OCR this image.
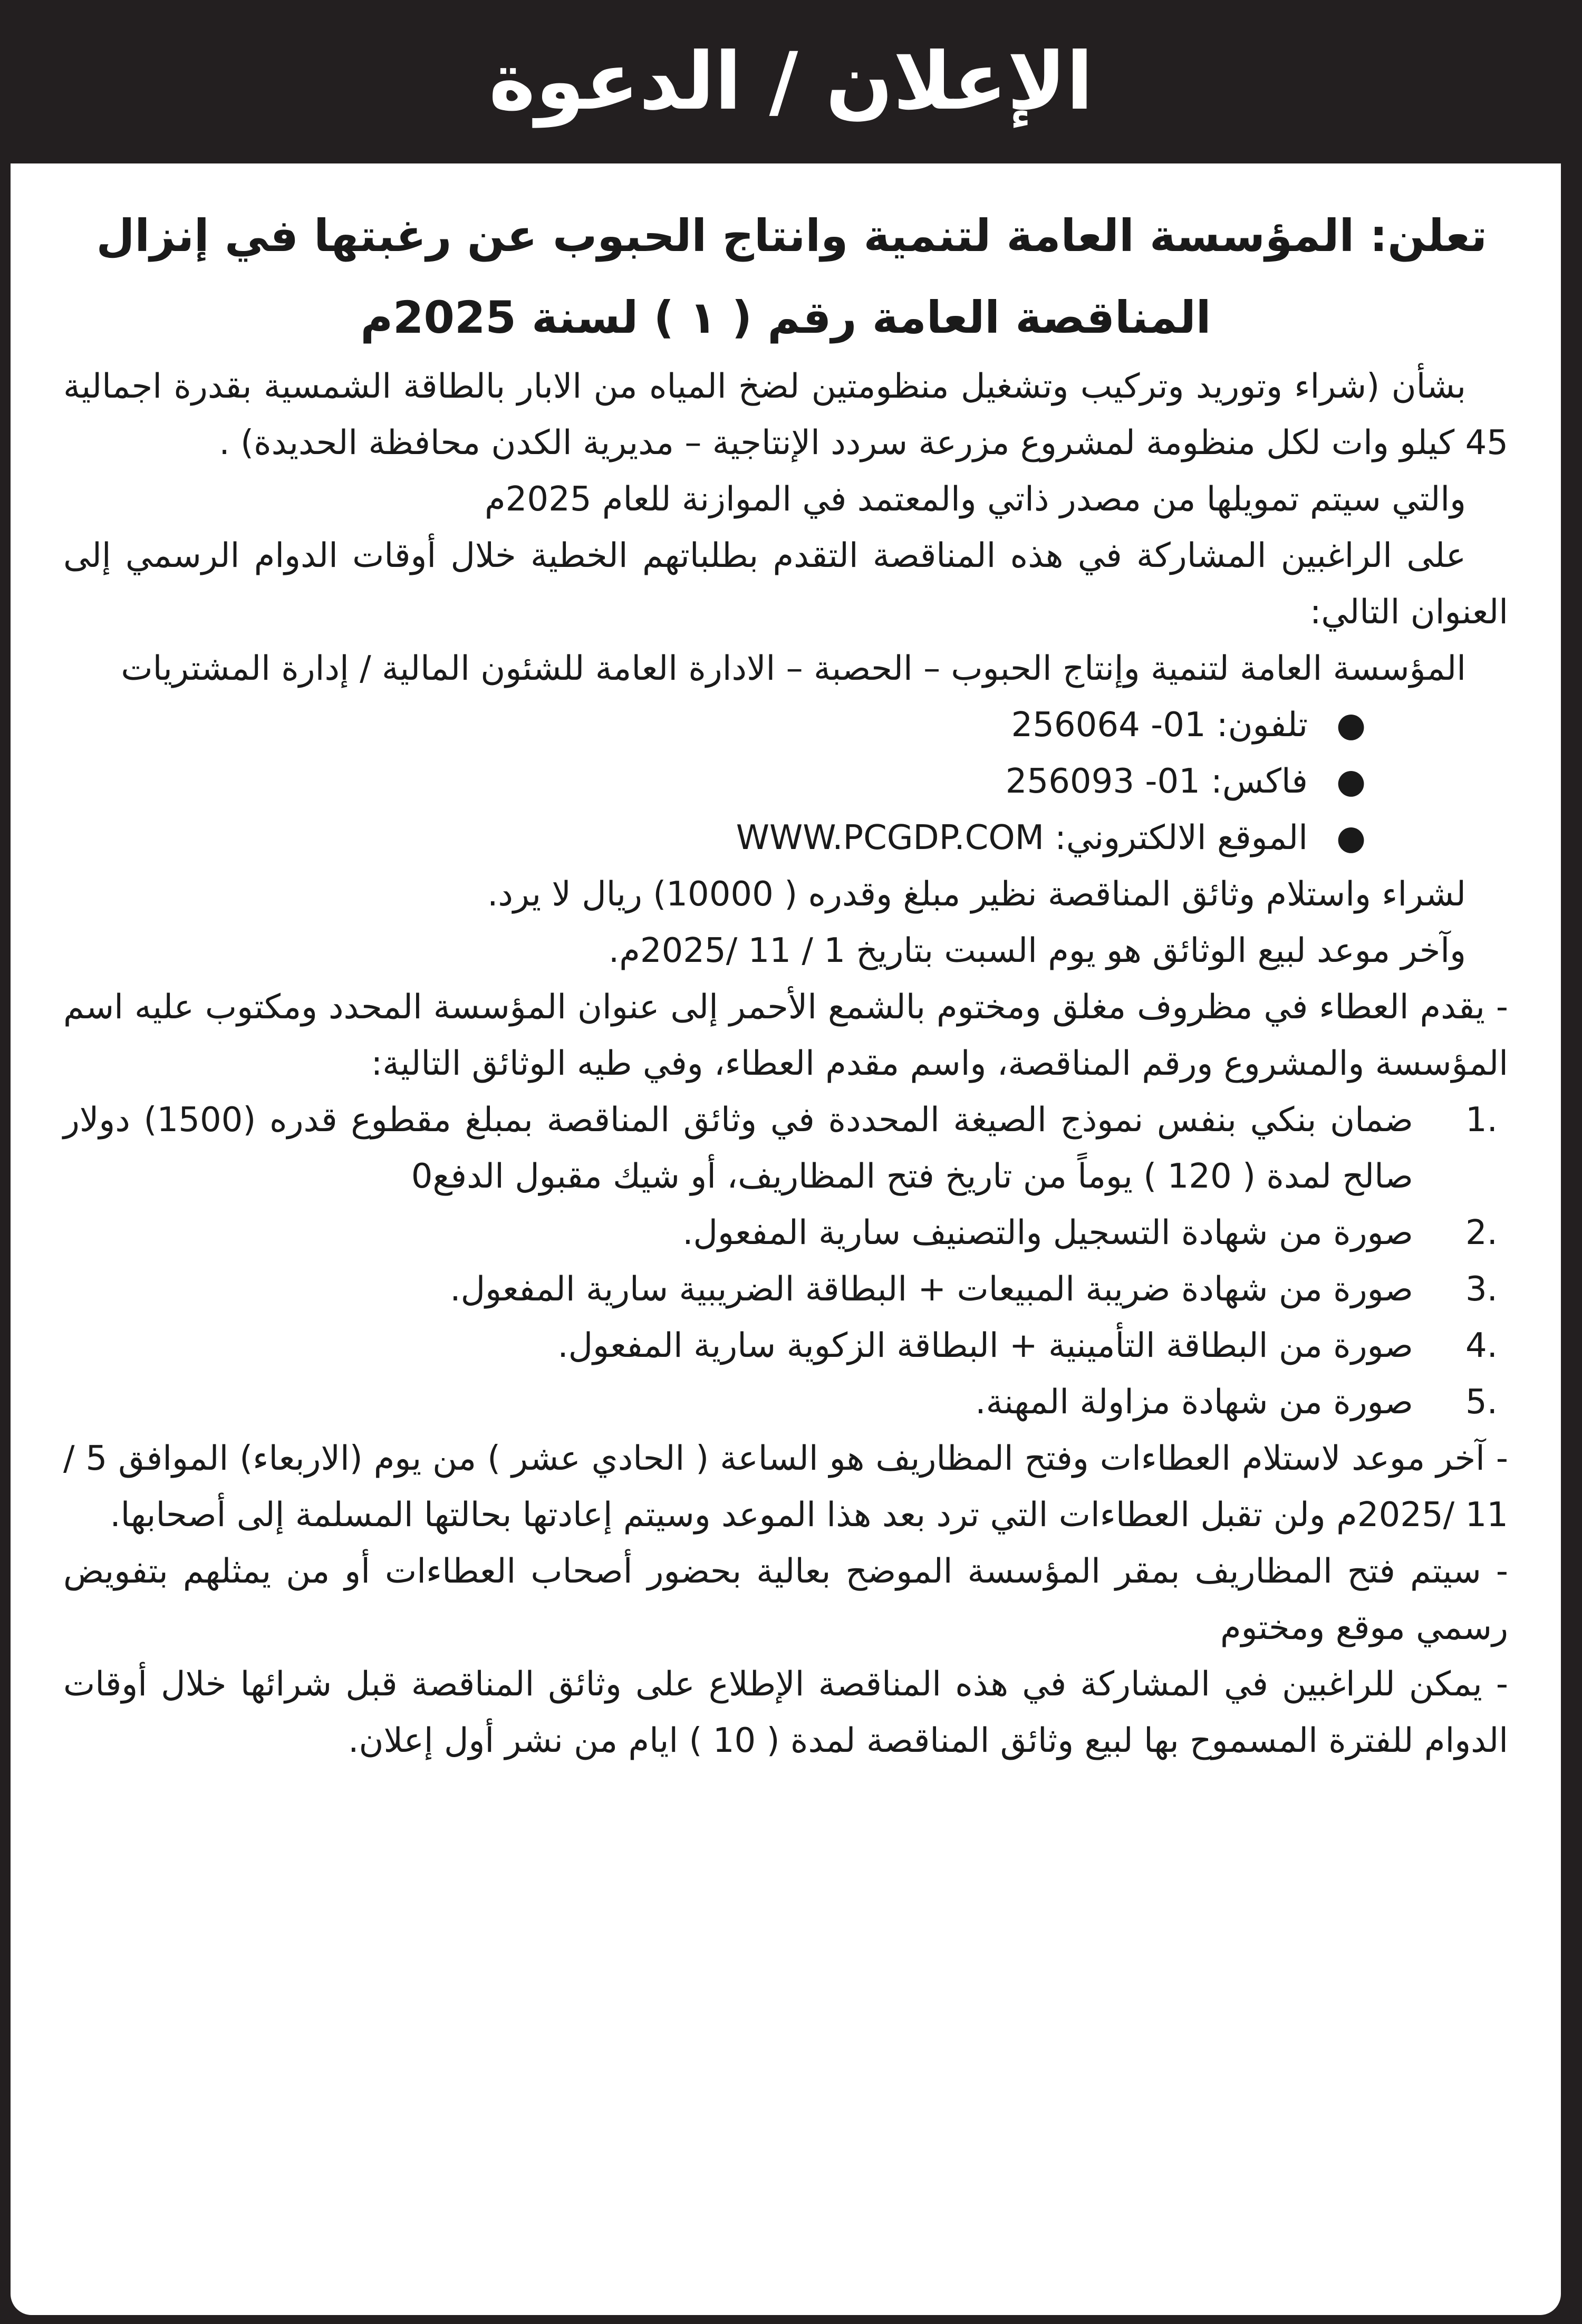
الإعلان / الدعوة
تعلن: المؤسسة العامة لتنمية وانتاج الحبوب عن رغبتها في إنزال
المناقصة العامة رقم ( ١ ) لسنة 2025م

بشأن (شراء وتوريد وتركيب وتشغيل منظومتين لضخ المياه من الابار بالطاقة الشمسية بقدرة اجمالية 45 كيلو وات لكل منظومة لمشروع مزرعة سردد الإنتاجية – مديرية الكدن محافظة الحديدة) .

والتي سيتم تمويلها من مصدر ذاتي والمعتمد في الموازنة للعام 2025م

على الراغبين المشاركة في هذه المناقصة التقدم بطلباتهم الخطية خلال أوقات الدوام الرسمي إلى العنوان التالي:

المؤسسة العامة لتنمية وإنتاج الحبوب – الحصبة – الادارة العامة للشئون المالية / إدارة المشتريات

●
تلفون: 256064 -01
●
فاكس: 256093 -01
●
الموقع الالكتروني: WWW.PCGDP.COM

لشراء واستلام وثائق المناقصة نظير مبلغ وقدره ( 10000) ريال لا يرد.

وآخر موعد لبيع الوثائق هو يوم السبت بتاريخ 1 / 11 /2025م.

- يقدم العطاء في مظروف مغلق ومختوم بالشمع الأحمر إلى عنوان المؤسسة المحدد ومكتوب عليه اسم المؤسسة والمشروع ورقم المناقصة، واسم مقدم العطاء، وفي طيه الوثائق التالية:

1.
ضمان بنكي بنفس نموذج الصيغة المحددة في وثائق المناقصة بمبلغ مقطوع قدره (1500) دولار صالح لمدة ( 120 ) يوماً من تاريخ فتح المظاريف، أو شيك مقبول الدفع0
2.
صورة من شهادة التسجيل والتصنيف سارية المفعول.
3.
صورة من شهادة ضريبة المبيعات + البطاقة الضريبية سارية المفعول.
4.
صورة من البطاقة التأمينية + البطاقة الزكوية سارية المفعول.
5.
صورة من شهادة مزاولة المهنة.

- آخر موعد لاستلام العطاءات وفتح المظاريف هو الساعة ( الحادي عشر ) من يوم (الاربعاء) الموافق 5 / 11 /2025م ولن تقبل العطاءات التي ترد بعد هذا الموعد وسيتم إعادتها بحالتها المسلمة إلى أصحابها.

- سيتم فتح المظاريف بمقر المؤسسة الموضح بعالية بحضور أصحاب العطاءات أو من يمثلهم بتفويض رسمي موقع ومختوم

- يمكن للراغبين في المشاركة في هذه المناقصة الإطلاع على وثائق المناقصة قبل شرائها خلال أوقات الدوام للفترة المسموح بها لبيع وثائق المناقصة لمدة ( 10 ) ايام من نشر أول إعلان.
